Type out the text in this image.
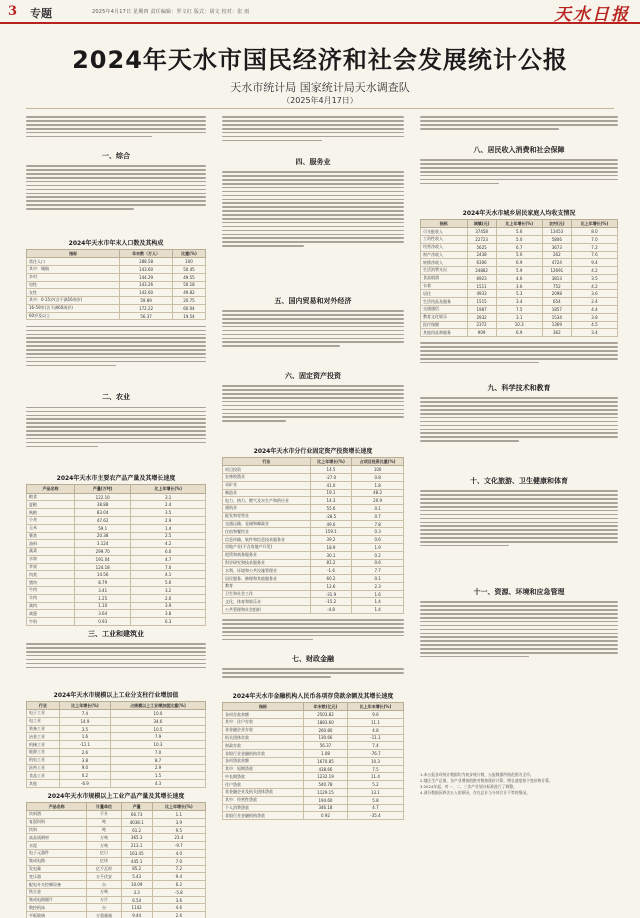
3 专题	2025年4月17日 星期四 责任编辑：罗文红 版式：胡文 校对：张 雨	天水日报
2024年天水市国民经济和社会发展统计公报
天水市统计局 国家统计局天水调查队
（2025年4月17日）
一、综合
2024年天水市年末人口数及其构成
指标	年末数（万人）	比重(%)
常住人口	288.58	100
其中：城镇	143.60	50.45
乡村	144.29	49.55
男性	143.26	50.18
女性	142.60	49.82
其中：0-15岁(含不满16周岁)	59.89	20.75
16-59岁(含不满60周岁)	172.22	60.04
60岁及以上	56.37	19.54
二、农业
2024年天水市主要农产品产量及其增长速度
产品名称	产量(万吨)	比上年增长(%)
粮食	122.10	3.1
夏粮	38.88	2.4
秋粮	83.04	3.5
小麦	47.62	2.9
玉米	59.1	1.4
薯类	20.38	2.5
油料	3.124	4.2
蔬菜	299.70	6.0
水果	191.04	4.7
苹果	124.18	7.0
肉类	14.56	4.1
猪肉	8.79	5.6
牛肉	3.41	3.2
羊肉	1.25	2.0
禽肉	1.10	3.9
禽蛋	3.64	3.8
牛奶	0.93	6.3
三、工业和建筑业
2024年天水市规模以上工业分支柱行业增加值
行业	比上年增长(%)	占规模以上工业增加值比重(%)
电子工业	7.4	10.0
电工业	14.9	34.6
装备工业	3.5	10.5
冶金工业	1.6	7.9
机械工业	-11.1	10.3
能源工业	2.6	7.0
机电工业	3.8	8.7
医药工业	9.0	2.9
食品工业	0.2	1.5
其他	-6.9	4.3
2024年天水市规模以上工业产品产量及其增长速度
产品名称	计量单位	产量	比上年增长(%)
饮料酒	千升	66.73	1.1
复混饲料	吨	4038.1	3.9
饮料	吨	61.2	9.5
高品质钢材	万吨	365.3	23.4
水泥	万吨	213.1	-9.7
电子元器件	亿只	163.45	4.0
集成电路	亿块	445.1	7.0
发电量	亿千瓦时	85.2	7.2
变压器	万千伏安	5.43	9.4
配电开关控制设备	台	10.09	6.2
铁合金	万吨	3.3	-5.8
集成电路圆片	万片	6.54	3.6
数控机床	台	1142	4.6
平板玻璃	万重量箱	9.44	2.6
四、服务业
五、国内贸易和对外经济
六、固定资产投资
2024年天水市分行业固定资产投资增长速度
行业	比上年增长(%)	占项目投资比重(%)
项目投资	14.5	100
农林牧渔业	-27.0	0.8
采矿业	41.0	1.8
制造业	19.1	48.2
电力、热力、燃气及水生产和供应业	14.3	20.9
建筑业	55.6	0.1
批发和零售业	-28.5	0.7
交通运输、仓储和邮政业	49.0	7.8
住宿和餐饮业	159.1	0.3
信息传输、软件和信息技术服务业	39.2	0.6
房地产业(不含房地产开发)	18.9	1.9
租赁和商务服务业	30.1	0.2
科学研究和技术服务业	81.2	0.6
水利、环境和公共设施管理业	-1.6	7.7
居民服务、修理和其他服务业	60.2	0.1
教育	12.6	2.3
卫生和社会工作	-31.9	1.6
文化、体育和娱乐业	-15.2	1.4
公共管理和社会组织	-4.8	1.4
七、财政金融
2024年天水市金融机构人民币各项存贷款余额及其增长速度
指标	年末数(亿元)	比上年末增长(%)
各项存款余额	2503.82	9.6
其中：住户存款	1883.60	11.1
非金融企业存款	260.80	4.8
机关团体存款	130.66	-11.1
财政存款	56.37	7.4
非银行业金融机构存款	1.08	-76.7
各项贷款余额	1670.85	10.3
其中：短期贷款	438.66	7.5
中长期贷款	1232.19	11.4
住户贷款	540.78	5.2
非金融企业及机关团体贷款	1129.15	13.1
其中：经营性贷款	194.60	5.8
个人消费贷款	346.18	4.7
非银行业金融机构贷款	0.92	-35.4
八、居民收入消费和社会保障
2024年天水市城乡居民家庭人均收支情况
指标	城镇(元)	比上年增长(%)	农村(元)	比上年增长(%)
可支配收入	37458	5.6	13453	8.0
工资性收入	22723	5.0	5806	7.0
经营净收入	5625	6.7	3673	7.2
财产净收入	2438	5.0	262	7.6
转移净收入	6306	6.9	4724	9.4
生活消费支出	24882	5.9	12691	4.2
食品烟酒	6923	4.6	3813	3.5
衣着	1511	3.6	752	4.2
居住	4933	5.3	2098	3.6
生活用品及服务	1515	3.4	654	2.4
交通通信	1987	7.5	1857	4.4
教育文化娱乐	2932	3.1	1534	3.8
医疗保健	2372	10.3	1369	4.5
其他用品和服务	909	6.9	362	3.4
九、科学技术和教育
十、文化旅游、卫生健康和体育
十一、资源、环境和应急管理
1.本公报各项统计数据均为初步统计数，公报数据所指范围为全市。
2.地区生产总值、各产业增加值绝对数按现价计算，增长速度按不变价格计算。
3.2024年起，对一、二、三次产业划分标准进行了调整。
4.部分数据因四舍五入的原因，存在总计与分项合计不等的情况。
